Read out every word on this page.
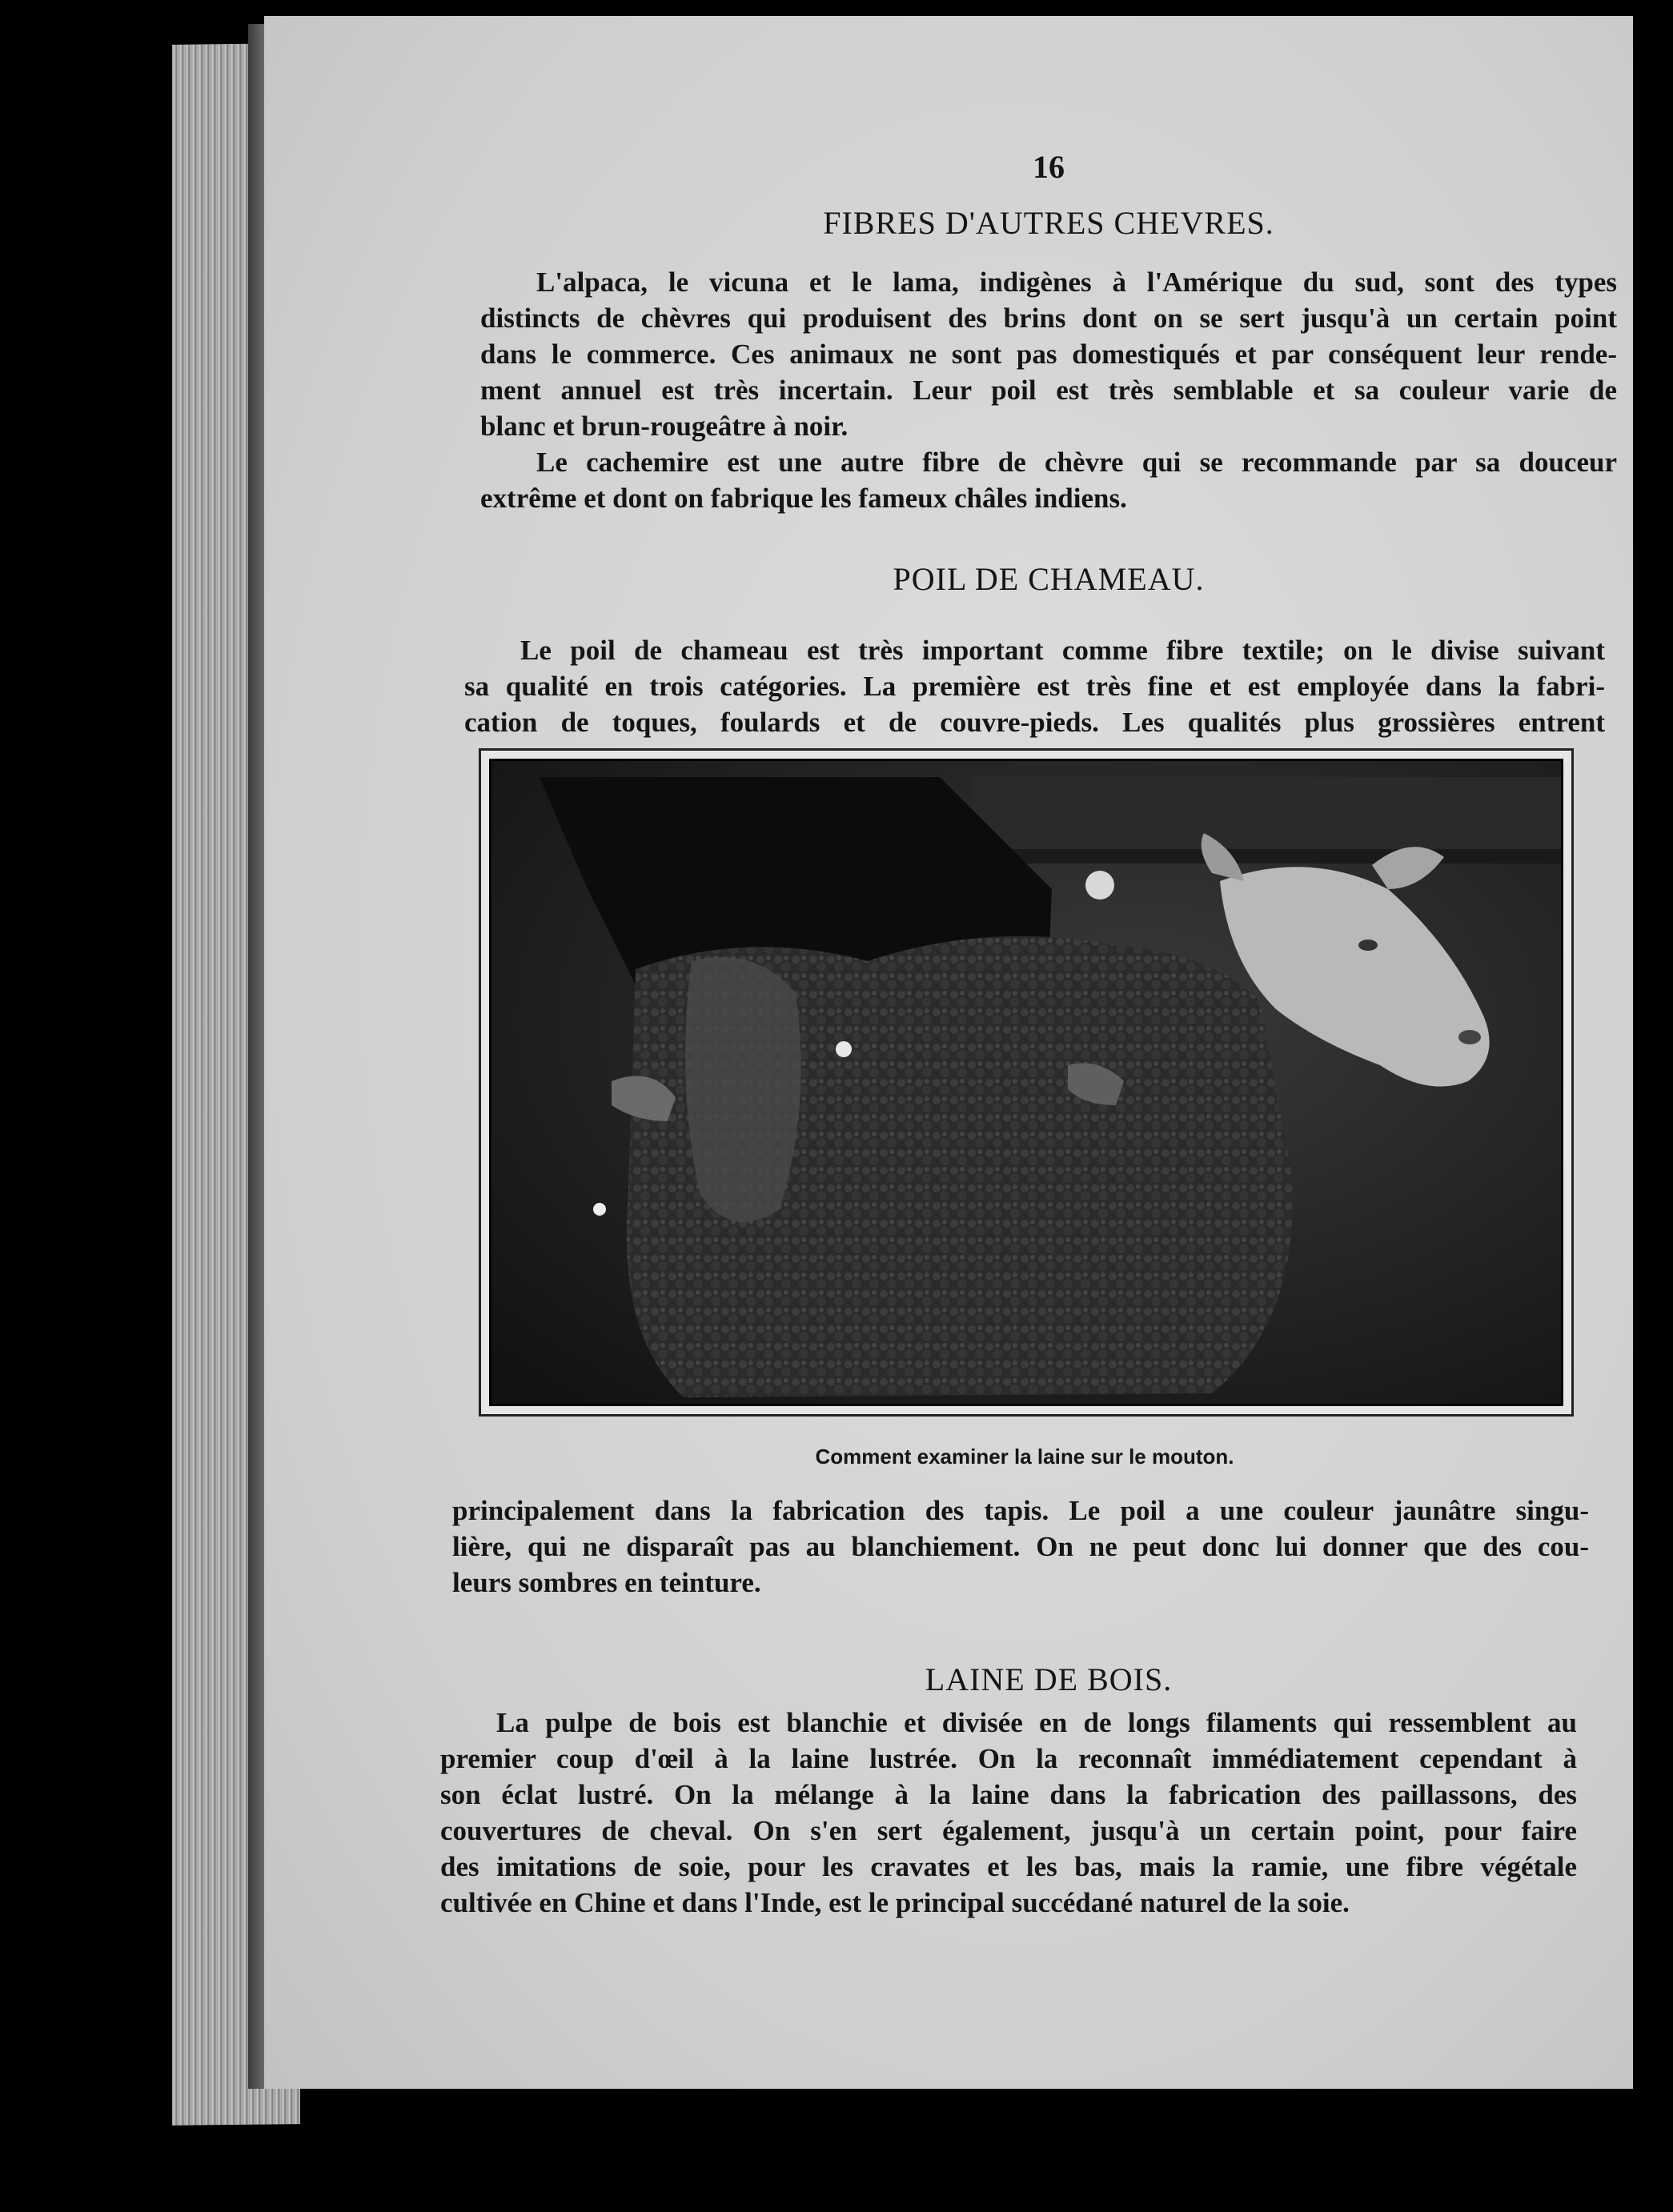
16
FIBRES D'AUTRES CHEVRES.
L'alpaca, le vicuna et le lama, indigènes à l'Amérique du sud, sont des types
distincts de chèvres qui produisent des brins dont on se sert jusqu'à un certain point
dans le commerce. Ces animaux ne sont pas domestiqués et par conséquent leur rende-
ment annuel est très incertain. Leur poil est très semblable et sa couleur varie de
blanc et brun-rougeâtre à noir.
Le cachemire est une autre fibre de chèvre qui se recommande par sa douceur
extrême et dont on fabrique les fameux châles indiens.
POIL DE CHAMEAU.
Le poil de chameau est très important comme fibre textile; on le divise suivant
sa qualité en trois catégories. La première est très fine et est employée dans la fabri-
cation de toques, foulards et de couvre-pieds. Les qualités plus grossières entrent
Comment examiner la laine sur le mouton.
principalement dans la fabrication des tapis. Le poil a une couleur jaunâtre singu-
lière, qui ne disparaît pas au blanchiement. On ne peut donc lui donner que des cou-
leurs sombres en teinture.
LAINE DE BOIS.
La pulpe de bois est blanchie et divisée en de longs filaments qui ressemblent au
premier coup d'œil à la laine lustrée. On la reconnaît immédiatement cependant à
son éclat lustré. On la mélange à la laine dans la fabrication des paillassons, des
couvertures de cheval. On s'en sert également, jusqu'à un certain point, pour faire
des imitations de soie, pour les cravates et les bas, mais la ramie, une fibre végétale
cultivée en Chine et dans l'Inde, est le principal succédané naturel de la soie.
